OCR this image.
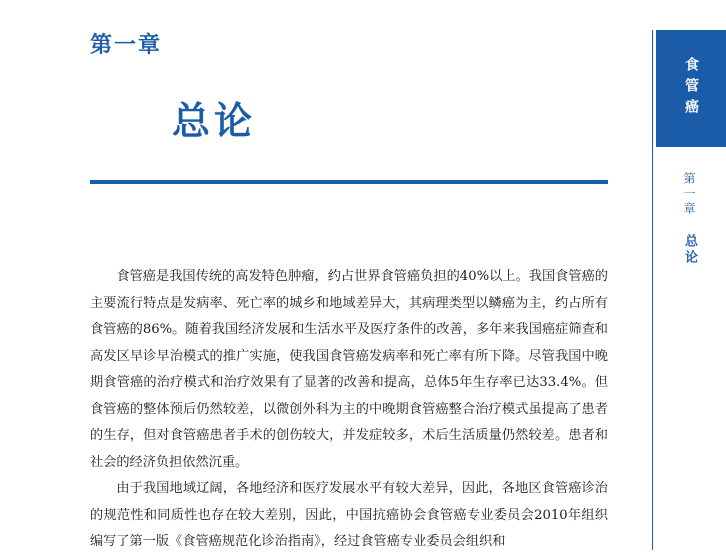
第一章
总论

食管癌是我国传统的高发特色肿瘤，约占世界食管癌负担的40%以上。我国食管癌的主要流行特点是发病率、死亡率的城乡和地域差异大，其病理类型以鳞癌为主，约占所有食管癌的86%。随着我国经济发展和生活水平及医疗条件的改善，多年来我国癌症筛查和高发区早诊早治模式的推广实施，使我国食管癌发病率和死亡率有所下降。尽管我国中晚期食管癌的治疗模式和治疗效果有了显著的改善和提高，总体5年生存率已达33.4%。但食管癌的整体预后仍然较差，以微创外科为主的中晚期食管癌整合治疗模式虽提高了患者的生存，但对食管癌患者手术的创伤较大，并发症较多，术后生活质量仍然较差。患者和社会的经济负担依然沉重。

由于我国地域辽阔，各地经济和医疗发展水平有较大差异，因此，各地区食管癌诊治的规范性和同质性也存在较大差别，因此，中国抗癌协会食管癌专业委员会2010年组织编写了第一版《食管癌规范化诊治指南》，经过食管癌专业委员会组织和

食管癌
第一章 总论
